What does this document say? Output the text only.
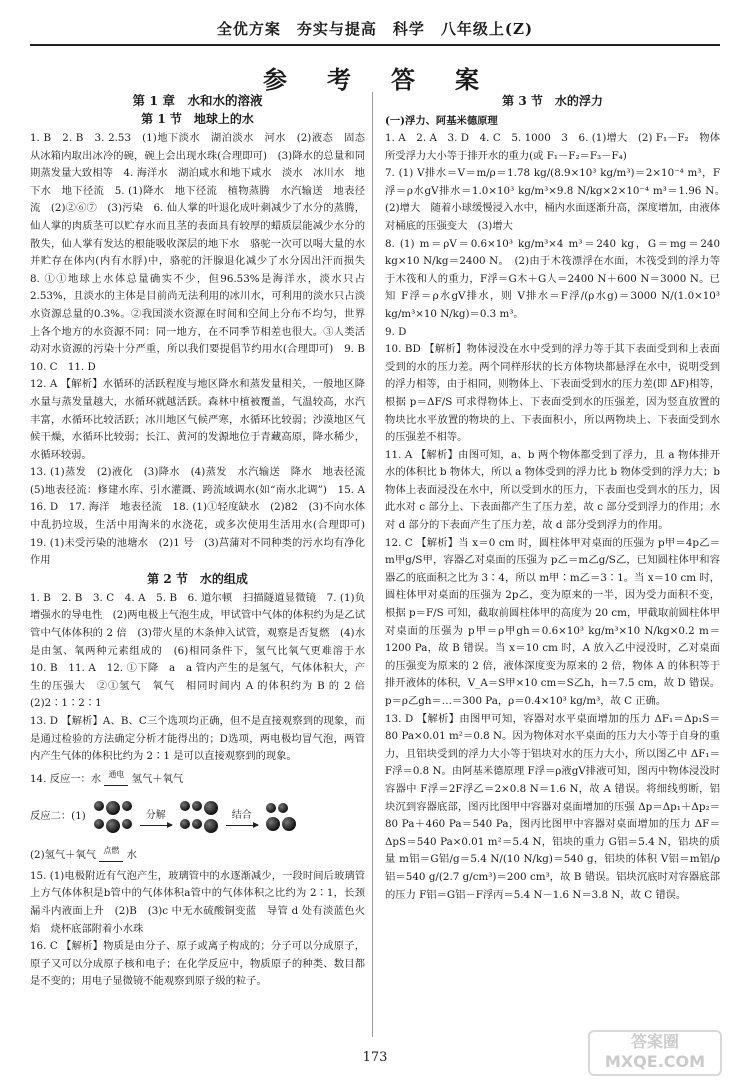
全优方案　夯实与提高　科学　八年级上(Z)
参　考　答　案

第 1 章　水和水的溶液

第 1 节　地球上的水

1. B　2. B　3. 2.53　(1)地下淡水　湖泊淡水　河水　(2)液态　固态　从冰箱内取出冰冷的碗，碗上会出现水珠(合理即可)　(3)降水的总量和同期蒸发量大致相等　4. 海洋水　湖泊咸水和地下咸水　淡水　冰川水　地下水　地下径流　5. (1)降水　地下径流　植物蒸腾　水汽输送　地表径流　(2)②⑥⑦　(3)污染　6. 仙人掌的叶退化成叶刺减少了水分的蒸腾，仙人掌的肉质茎可以贮存水而且茎的表面具有较厚的蜡质层能减少水分的散失，仙人掌有发达的根能吸收深层的地下水　骆驼一次可以喝大量的水并贮存在体内(内有水脬)中，骆驼的汗腺退化减少了水分因出汗而损失　8. ①①地球上水体总量确实不少，但96.53%是海洋水，淡水只占2.53%，且淡水的主体是目前尚无法利用的冰川水，可利用的淡水只占淡水资源总量的0.3%。②我国淡水资源在时间和空间上分布不均匀，世界上各个地方的水资源不同：同一地方，在不同季节相差也很大。③人类活动对水资源的污染十分严重，所以我们要提倡节约用水(合理即可)　9. B　10. C　11. D

12. A 【解析】水循环的活跃程度与地区降水和蒸发量相关，一般地区降水量与蒸发量越大，水循环就越活跃。森林中植被覆盖，气温较高，水汽丰富，水循环比较活跃；冰川地区气候严寒，水循环比较弱；沙漠地区气候干燥，水循环比较弱；长江、黄河的发源地位于青藏高原，降水稀少，水循环较弱。

13. (1)蒸发　(2)液化　(3)降水　(4)蒸发　水汽输送　降水　地表径流　(5)地表径流：修建水库、引水灌溉、跨流域调水(如“南水北调”)　15. A　16. D　17. 海洋　地表径流　18. (1)①轻度缺水　(2)82　(3)不向水体中乱扔垃圾，生活中用淘米的水浇花，或多次使用生活用水(合理即可)　19. (1)未受污染的池塘水　(2)1 号　(3)莒蒲对不同种类的污水均有净化作用

第 2 节　水的组成

1. B　2. B　3. C　4. A　5. B　6. 道尔顿　扫描隧道显微镜　7. (1)负　增强水的导电性　(2)两电极上气泡生成，甲试管中气体的体积约为是乙试管中气体体积的 2 倍　(3)带火星的木条伸入试管，观察是否复燃　(4)水是由氢、氧两种元素组成的　(6)相同条件下，氢气比氧气更难溶于水　10. B　11. A　12. ①下降　a　a 管内产生的是氢气，气体体积大，产生的压强大　②①氢气　氧气　相同时间内 A 的体积约为 B 的 2 倍　(2)2∶1∶2∶1

13. D 【解析】A、B、C三个选项均正确，但不是直接观察到的现象，而是通过检验的方法确定分析才能得出的；D选项，两电极均冒气泡，两管内产生气体的体积比约为 2∶1 是可以直接观察到的现象。

14. 反应一：水 通电 氢气＋氧气
反应二：(1)	分解	结合
(2)氢气＋氧气 点燃 水

15. (1)电极附近有气泡产生，玻璃管中的水逐渐减少，一段时间后玻璃管上方气体体积是b管中的气体体积a管中的气体体积之比约为 2∶1，长颈漏斗内液面上升　(2)B　(3)c 中无水硫酸铜变蓝　导管 d 处有淡蓝色火焰　烧杯底部附着小水珠

16. C 【解析】物质是由分子、原子或离子构成的；分子可以分成原子，原子又可以分成原子核和电子；在化学反应中，物质原子的种类、数目都是不变的；用电子显微镜不能观察到原子级的粒子。

第 3 节　水的浮力

(一)浮力、阿基米德原理

1. A　2. A　3. D　4. C　5. 1000　3　6. (1)增大　(2) F₁－F₂　物体所受浮力大小等于排开水的重力(或 F₁－F₂＝F₃－F₄)

7. (1) V排水＝V＝m/ρ＝1.78 kg/(8.9×10³ kg/m³)＝2×10⁻⁴ m³，F浮＝ρ水gV排水＝1.0×10³ kg/m³×9.8 N/kg×2×10⁻⁴ m³＝1.96 N。　(2)增大　随着小球缓慢浸入水中，桶内水面逐渐升高，深度增加，由液体对桶底的压强变大　(3)增大

8. (1) m＝ρV＝0.6×10³ kg/m³×4 m³＝240 kg，G＝mg＝240 kg×10 N/kg＝2400 N。　(2)由于木筏漂浮在水面，木筏受到的浮力等于木筏和人的重力，F浮＝G木＋G人＝2400 N＋600 N＝3000 N。已知 F浮＝ρ水gV排水，则 V排水＝F浮/(ρ水g)＝3000 N/(1.0×10³ kg/m³×10 N/kg)＝0.3 m³。

9. D

10. BD 【解析】物体浸没在水中受到的浮力等于其下表面受到和上表面受到的水的压力差。两个同样形状的长方体物块都悬浮在水中，说明受到的浮力相等，由于相同，则物体上、下表面受到水的压力差(即 ΔF)相等，根据 p＝ΔF/S 可求得物体上、下表面受到水的压强差，因为竖直放置的物块比水平放置的物块的上、下表面积小，所以两物块上、下表面受到水的压强差不相等。

11. A 【解析】由图可知，a、b 两个物体都受到了浮力，且 a 物体排开水的体积比 b 物体大，所以 a 物体受到的浮力比 b 物体受到的浮力大；b 物体上表面浸没在水中，所以受到水的压力，下表面也受到水的压力，因此水对 c 部分上、下表面都产生了压力差，故 c 部分受到浮力的作用；水对 d 部分的下表面产生了压力差，故 d 部分受到浮力的作用。

12. C 【解析】当 x＝0 cm 时，圆柱体甲对桌面的压强为 p甲＝4p乙＝m甲g/S甲，容器乙对桌面的压强为 p乙＝m乙g/S乙，已知圆柱体甲和容器乙的底面积之比为 3∶4，所以 m甲∶m乙＝3∶1。当 x＝10 cm 时，圆柱体甲对桌面的压强为 2p乙，变为原来的一半，因为受力面积不变，根据 p＝F/S 可知，截取前圆柱体甲的高度为 20 cm，甲截取前圆柱体甲对桌面的压强为 p甲＝ρ甲gh＝0.6×10³ kg/m³×10 N/kg×0.2 m＝1200 Pa，故 B 错误。当 x＝10 cm 时，A 放入乙中浸没时，乙对桌面的压强变为原来的 2 倍，液体深度变为原来的 2 倍，物体 A 的体积等于排开液体的体积，V_A＝S甲×10 cm＝S乙h，h＝7.5 cm，故 D 错误。p＝ρ乙gh＝…＝300 Pa，ρ＝0.4×10³ kg/m³，故 C 正确。

13. D 【解析】由图甲可知，容器对水平桌面增加的压力 ΔF₁＝Δp₁S＝80 Pa×0.01 m²＝0.8 N。因为物体对水平桌面的压力大小等于自身的重力，且铝块受到的浮力大小等于铝块对水的压力大小，所以图乙中 ΔF₁＝F浮＝0.8 N。由阿基米德原理 F浮＝ρ液gV排液可知，图丙中物体浸没时容器中 F浮＝2F浮乙＝2×0.8 N＝1.6 N，故 A 错误。将细线剪断，铝块沉到容器底部，图丙比图甲中容器对桌面增加的压强 Δp＝Δp₁＋Δp₂＝80 Pa＋460 Pa＝540 Pa，图丙比图甲中容器对桌面增加的压力 ΔF＝ΔpS＝540 Pa×0.01 m²＝5.4 N，铝块的重力 G铝＝5.4 N，铝块的质量 m铝＝G铝/g＝5.4 N/(10 N/kg)＝540 g，铝块的体积 V铝＝m铝/ρ铝＝540 g/(2.7 g/cm³)＝200 cm³，故 B 错误。铝块沉底时对容器底部的压力 F铝＝G铝－F浮丙＝5.4 N－1.6 N＝3.8 N，故 C 错误。

173
答案圈 MXQE.COM
